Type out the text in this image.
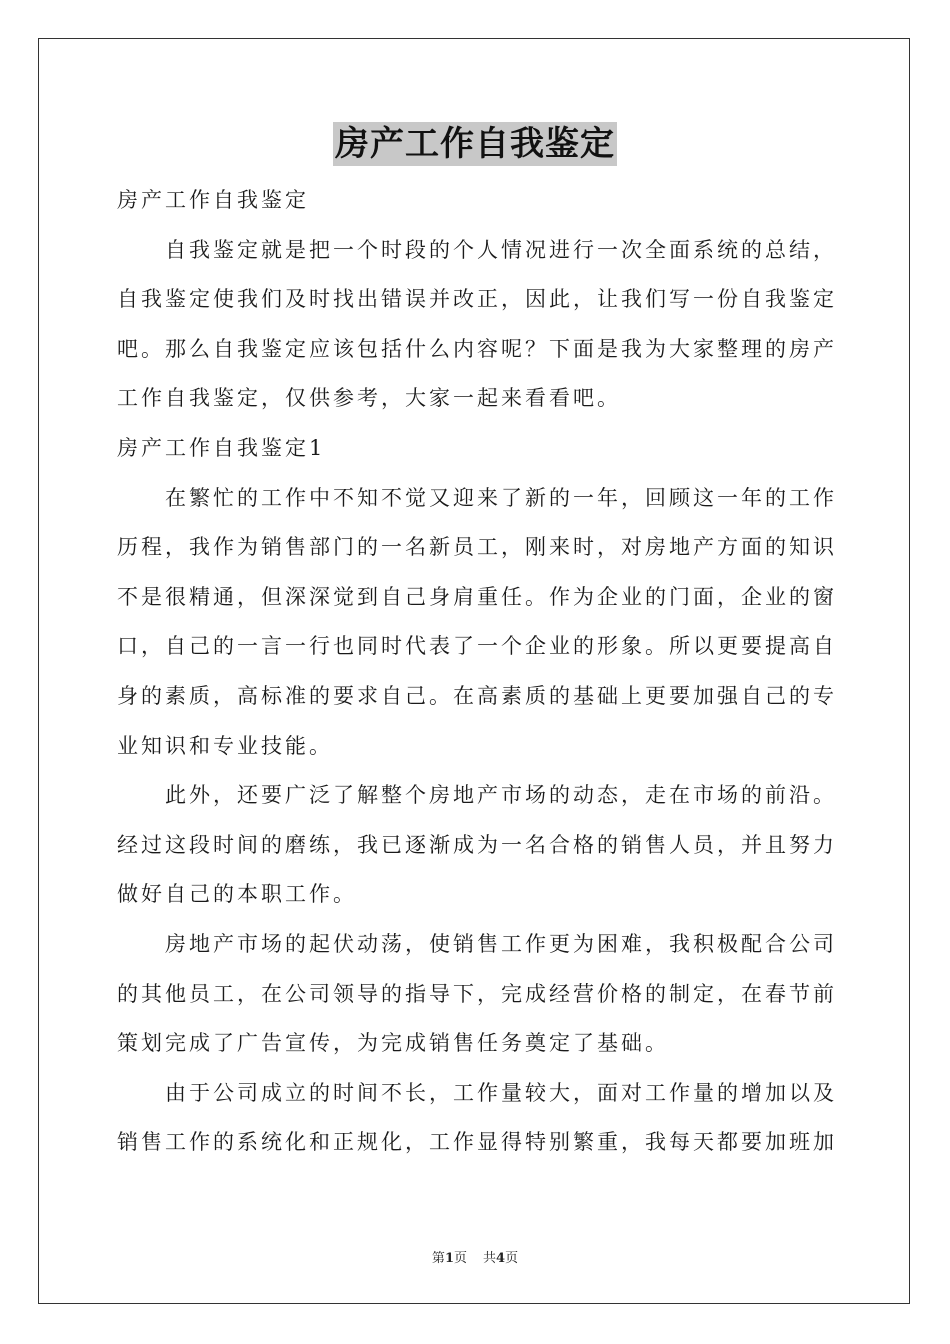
房产工作自我鉴定

房产工作自我鉴定

自我鉴定就是把一个时段的个人情况进行一次全面系统的总结，

自我鉴定使我们及时找出错误并改正，因此，让我们写一份自我鉴定

吧。那么自我鉴定应该包括什么内容呢？下面是我为大家整理的房产

工作自我鉴定，仅供参考，大家一起来看看吧。

房产工作自我鉴定1

在繁忙的工作中不知不觉又迎来了新的一年，回顾这一年的工作

历程，我作为销售部门的一名新员工，刚来时，对房地产方面的知识

不是很精通，但深深觉到自己身肩重任。作为企业的门面，企业的窗

口，自己的一言一行也同时代表了一个企业的形象。所以更要提高自

身的素质，高标准的要求自己。在高素质的基础上更要加强自己的专

业知识和专业技能。

此外，还要广泛了解整个房地产市场的动态，走在市场的前沿。

经过这段时间的磨练，我已逐渐成为一名合格的销售人员，并且努力

做好自己的本职工作。

房地产市场的起伏动荡，使销售工作更为困难，我积极配合公司

的其他员工，在公司领导的指导下，完成经营价格的制定，在春节前

策划完成了广告宣传，为完成销售任务奠定了基础。

由于公司成立的时间不长，工作量较大，面对工作量的增加以及

销售工作的系统化和正规化，工作显得特别繁重，我每天都要加班加

第1页 共4页
